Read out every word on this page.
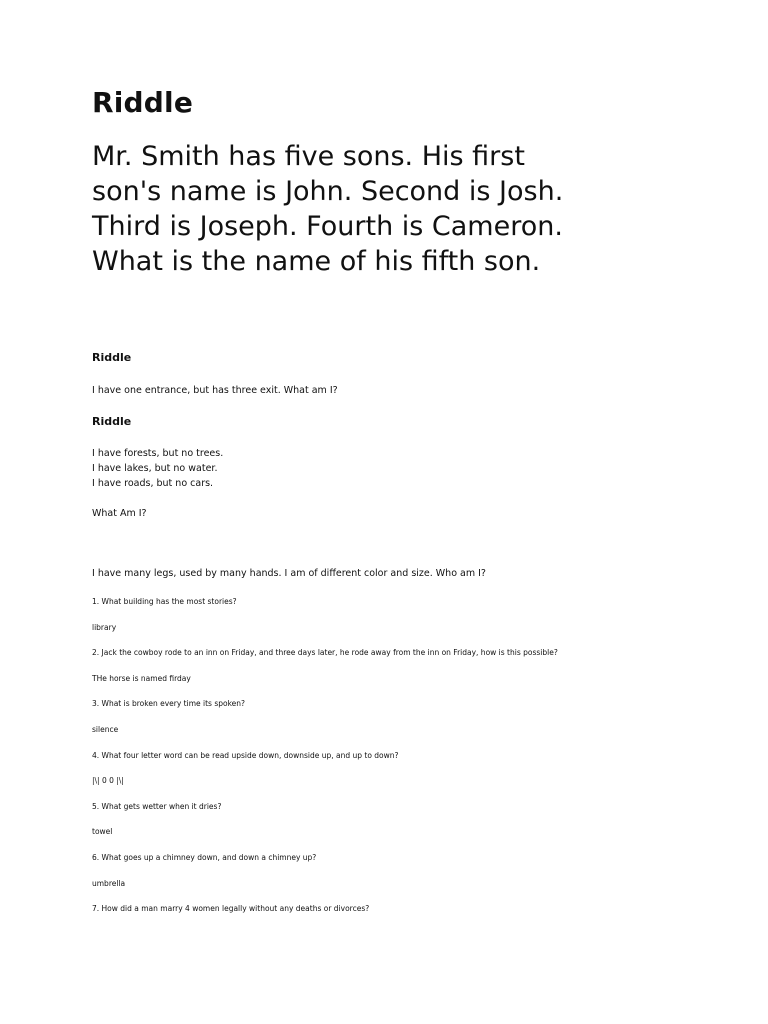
Riddle
Mr. Smith has five sons. His first
son's name is John. Second is Josh.
Third is Joseph. Fourth is Cameron.
What is the name of his fifth son.
Riddle

I have one entrance, but has three exit. What am I?

Riddle
I have forests, but no trees.
I have lakes, but no water.
I have roads, but no cars.

What Am I?

I have many legs, used by many hands. I am of different color and size. Who am I?

1. What building has the most stories?
library
2. Jack the cowboy rode to an inn on Friday, and three days later, he rode away from the inn on Friday, how is this possible?
THe horse is named firday
3. What is broken every time its spoken?
silence
4. What four letter word can be read upside down, downside up, and up to down?
|\| 0 0 |\|
5. What gets wetter when it dries?
towel
6. What goes up a chimney down, and down a chimney up?
umbrella
7. How did a man marry 4 women legally without any deaths or divorces?
